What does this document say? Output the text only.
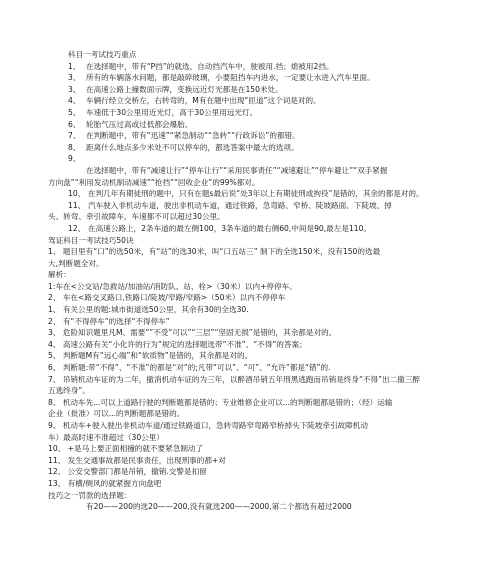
科目一考试技巧重点
1、 在选择题中，带有“P挡”的就选，自动挡汽车中，驶被用.挡；熄被用2挡。
3、 所有的车辆落水问题，都是敲碎玻璃，小要阻挡车内进水，一定要让水进入汽车里面。
3、 在高速公路上撞数面示牌，变换远近灯光都是在150米处。
4、 车辆行经立交桥左，右转弯的，M有在题中出现“匝道”这个词是对的。
5、 车速低于30公里用近光灯，高于30公里用远光灯。
6、 轮胎气压过高或过低都会爆胎。
7、 在判断题中，带有“迅速”“紧急制动”“急转”“行政诉讼”的都错。
8、 距离什么地点多少米处不可以停车的，都选答案中最大的选项。
9、
在选择题中，带有“减速让行”“停车让行”“采用民事责任”“减速避让”“停车避让”“双手紧握
方向盘”“利用发动机制动减速”“抢挡”“回收企业”的99%都对。
10、 在判几年有期徒刑的题中，只有在题s最后说“处3年以上有期徒刑或拘役”是错的，其余的都是对的。
11、 汽车驶入非机动车道，驶出非机动车道，通过铁路，急弯路、窄桥、陡坡路面、下陡坡、掉
头、转弯、牵引故障车，车速都不可以超过30公里。
12、 在高速公路上，2条车道的最左侧100，3条车道的最右侧60,中间是90,最左是110。
驾证科目一考试技巧50诀
1、 题目里有“口”的选50米，有“站”的选30米，叫“口五站三” 制下的全选150米，没有150的选最
大,判断题全对。
解析：
1:车在<公交站/急救站/加油站/消防队、站、栓>（30米）以内+停停车。
2、 车在<路交叉路口,铁路口/陡坡/窄路/窄路>（50米）以内不停停车
1、 有关公里的题:城市街道选50公里，其余有30的全选30.
2、 有“不得停车”的选择“不得停车”
3、 危险知识题里凡M、需要“”不受“可以”“三层”“坚固无损”是错的，其余都是对的。
4、 高速公路有关“小化许的行为”规定的选择题选带“不准”、“不得”的答案；
5、 判断题M有“远心端”和“软质物”是错的，其余都是对的。
6、 判断题:带“不得”、“不准”的都是“对”的;凡带“可以”、“可”、“允许”都是“错”的.
7、 吊销机动车证的为二年，撤消机动车证的为三年，以醉酒吊销五年刑黑逃跑而吊销是终身“不得”出二撤三醉
五逃终身”。
8、 机动车先...可以上道路行驶的判断题都是错的；专业维修企业可以...的判断题都是错的；（经）运输
企业（批准）可以...的判断题都是错的。
9、 机动车+驶入驶出非机动车道/通过铁路道口，急转弯路窄弯路窄桥掉头下陡坡牵引故障机动
车）最高时速不准超过（30公里）
10、 +是马上要正面相撞的就不要紧急制动了
11、 发生交通事故都是民事责任，出现刑事的都+对
12、 公安交警部门都是吊销，撤销.交警是扣留
13、 有横/侧风的就紧握方向盘吧
技巧之一罚款的选择题：
有20——200的选20——200,没有就选200——2000,第二个都选有超过2000
